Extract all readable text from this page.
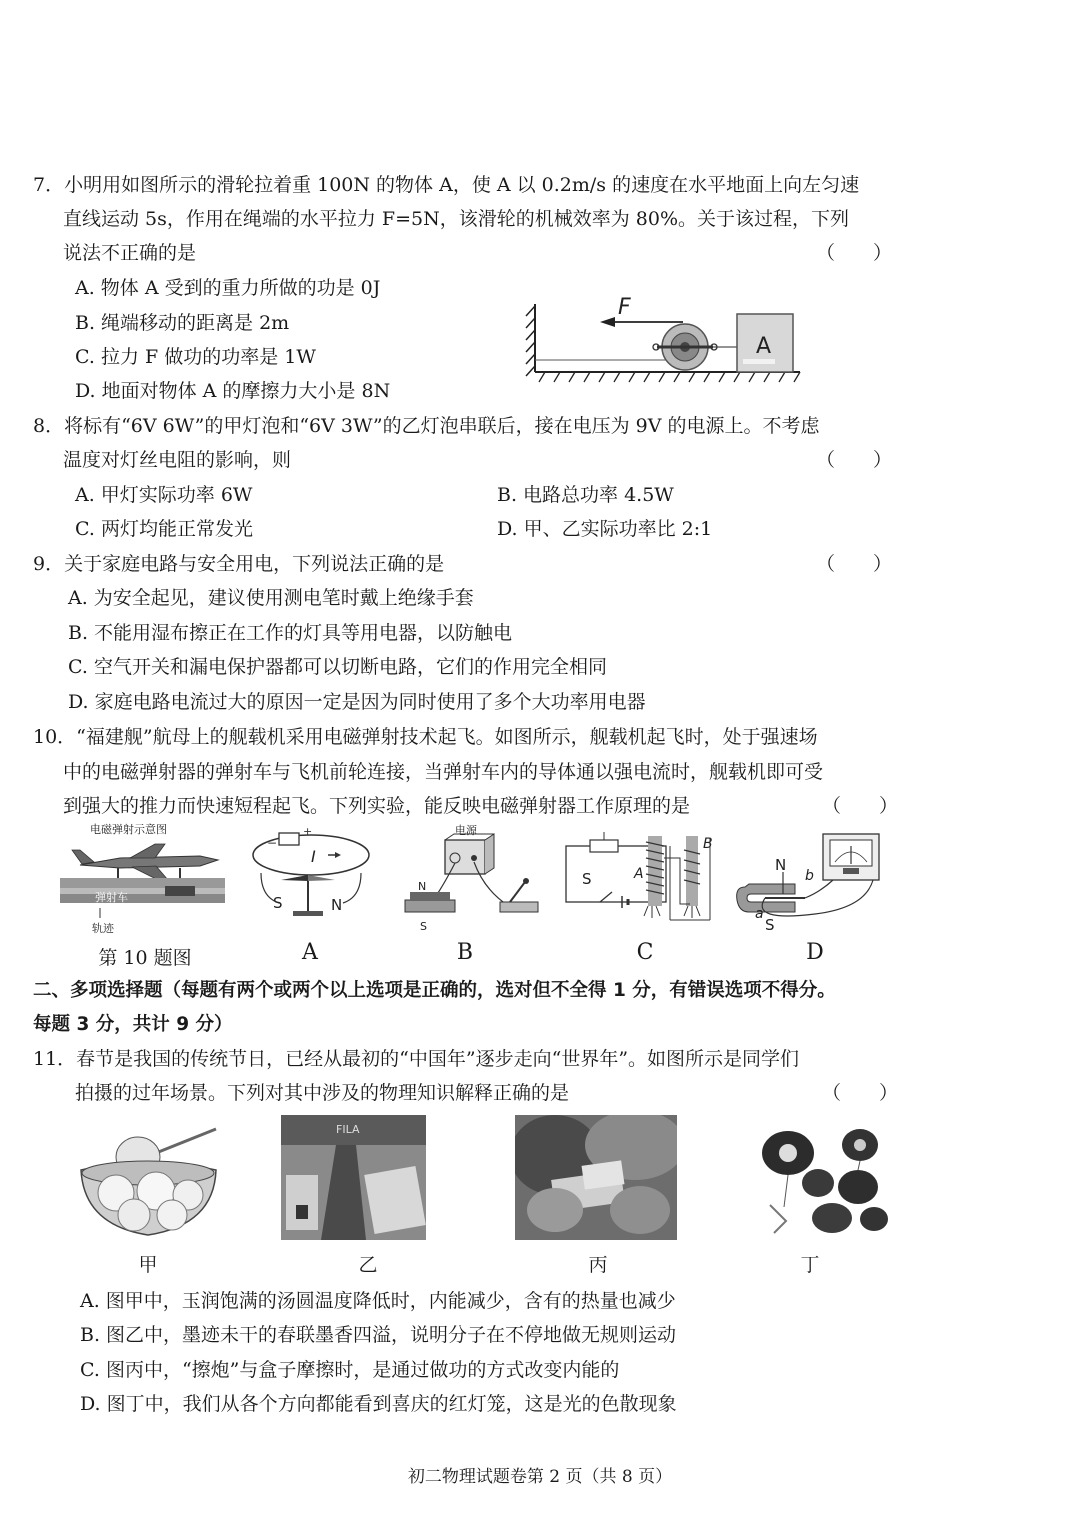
7．小明用如图所示的滑轮拉着重 100N 的物体 A，使 A 以 0.2m/s 的速度在水平地面上向左匀速
直线运动 5s，作用在绳端的水平拉力 F=5N，该滑轮的机械效率为 80%。关于该过程，下列
说法不正确的是	（　　）
A. 物体 A 受到的重力所做的功是 0J
B. 绳端移动的距离是 2m
C. 拉力 F 做功的功率是 1W
D. 地面对物体 A 的摩擦力大小是 8N
F
A
8．将标有“6V 6W”的甲灯泡和“6V 3W”的乙灯泡串联后，接在电压为 9V 的电源上。不考虑
温度对灯丝电阻的影响，则	（　　）
A. 甲灯实际功率 6W	B. 电路总功率 4.5W
C. 两灯均能正常发光	D. 甲、乙实际功率比 2:1
9．关于家庭电路与安全用电，下列说法正确的是	（　　）
A. 为安全起见，建议使用测电笔时戴上绝缘手套
B. 不能用湿布擦正在工作的灯具等用电器，以防触电
C. 空气开关和漏电保护器都可以切断电路，它们的作用完全相同
D. 家庭电路电流过大的原因一定是因为同时使用了多个大功率用电器
10．“福建舰”航母上的舰载机采用电磁弹射技术起飞。如图所示，舰载机起飞时，处于强速场
中的电磁弹射器的弹射车与飞机前轮连接，当弹射车内的导体通以强电流时，舰载机即可受
到强大的推力而快速短程起飞。下列实验，能反映电磁弹射器工作原理的是	（　　）
电磁弹射示意图
弹射车
轨迹
+
−
I
S	N
电源
N
S
S	A
B
N
S
a
b
第 10 题图	A	B	C	D
二、多项选择题（每题有两个或两个以上选项是正确的，选对但不全得 1 分，有错误选项不得分。
每题 3 分，共计 9 分）
11．春节是我国的传统节日，已经从最初的“中国年”逐步走向“世界年”。如图所示是同学们
拍摄的过年场景。下列对其中涉及的物理知识解释正确的是	（　　）
FILA
甲	乙	丙	丁
A. 图甲中，玉润饱满的汤圆温度降低时，内能减少，含有的热量也减少
B. 图乙中，墨迹未干的春联墨香四溢，说明分子在不停地做无规则运动
C. 图丙中，“擦炮”与盒子摩擦时，是通过做功的方式改变内能的
D. 图丁中，我们从各个方向都能看到喜庆的红灯笼，这是光的色散现象
初二物理试题卷第 2 页（共 8 页）
